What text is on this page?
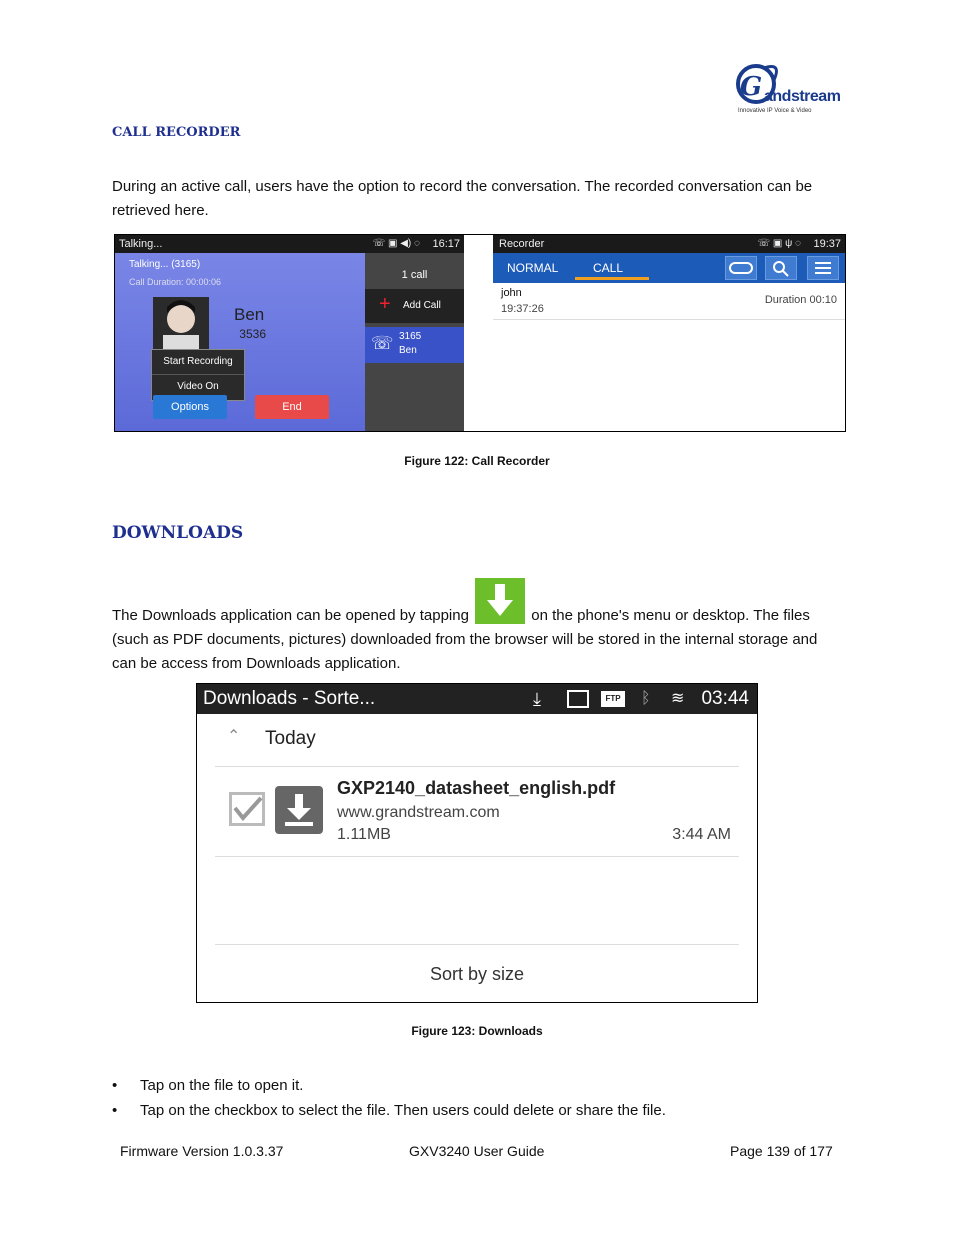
G andstream
Innovative IP Voice & Video
CALL RECORDER
During an active call, users have the option to record the conversation. The recorded conversation can be retrieved here.
Talking...	16:17
☏ ▣ ◀) ◌
Talking... (3165)
Call Duration: 00:00:06
Ben
3536
Start Recording
Video On
Options	End
1 call
+ Add Call
☏ 3165
Ben
Recorder	19:37
☏ ▣ ψ ◌
NORMAL	CALL
john
19:37:26
Duration 00:10
Figure 122: Call Recorder
DOWNLOADS
The Downloads application can be opened by tapping	on the phone's menu or desktop. The files (such as PDF documents, pictures) downloaded from the browser will be stored in the internal storage and can be access from Downloads application.
Downloads - Sorte...	⤓	FTP ᛒ ≋ 03:44
⌃ Today
GXP2140_datasheet_english.pdf
www.grandstream.com
1.11MB	3:44 AM
Sort by size
Figure 123: Downloads
• Tap on the file to open it.
• Tap on the checkbox to select the file. Then users could delete or share the file.
Firmware Version 1.0.3.37	GXV3240 User Guide	Page 139 of 177
